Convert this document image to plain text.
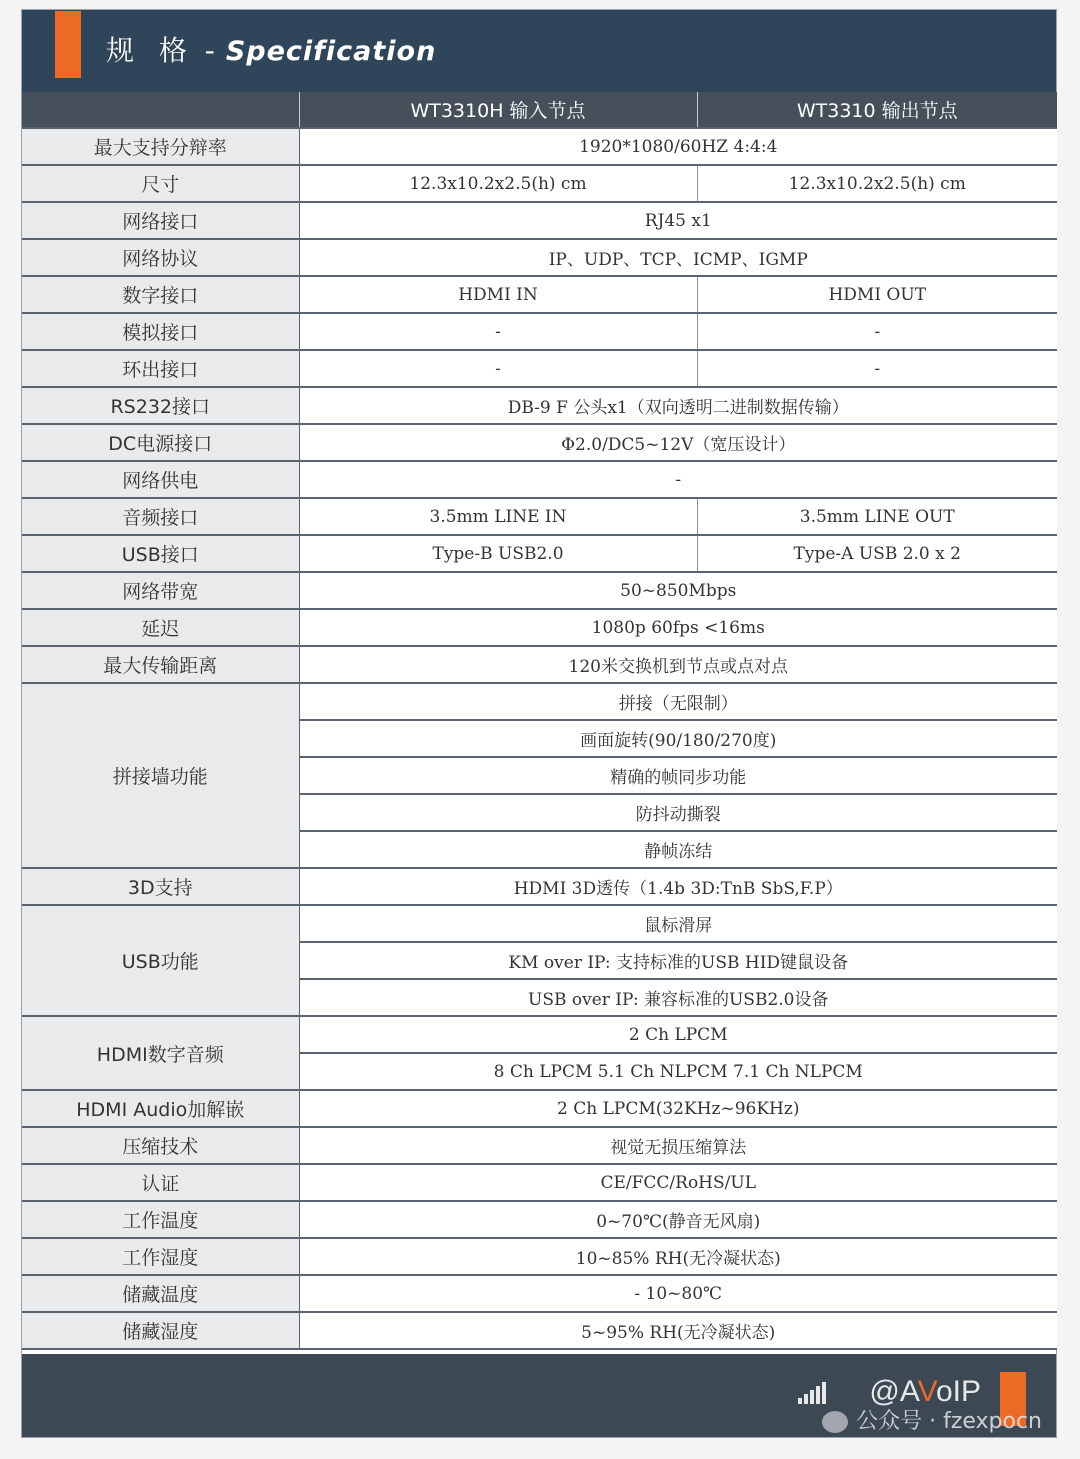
规 格 - Specification
	WT3310H 输入节点	WT3310 输出节点
最大支持分辩率	1920*1080/60HZ 4:4:4	
尺寸	12.3x10.2x2.5(h) cm	12.3x10.2x2.5(h) cm
网络接口	RJ45 x1	
网络协议	IP、UDP、TCP、ICMP、IGMP	
数字接口	HDMI IN	HDMI OUT
模拟接口	-	-
环出接口	-	-
RS232接口	DB-9 F 公头x1（双向透明二进制数据传输）	
DC电源接口	Φ2.0/DC5~12V（宽压设计）	
网络供电	-	
音频接口	3.5mm LINE IN	3.5mm LINE OUT
USB接口	Type-B USB2.0	Type-A USB 2.0 x 2
网络带宽	50~850Mbps	
延迟	1080p 60fps <16ms	
最大传输距离	120米交换机到节点或点对点	
拼接墙功能	拼接（无限制）	
	画面旋转(90/180/270度)	
	精确的帧同步功能	
	防抖动撕裂	
	静帧冻结	
3D支持	HDMI 3D透传（1.4b 3D:TnB SbS,F.P）	
USB功能	鼠标滑屏	
	KM over IP: 支持标准的USB HID键鼠设备	
	USB over IP: 兼容标准的USB2.0设备	
HDMI数字音频	2 Ch LPCM	
	8 Ch LPCM 5.1 Ch NLPCM 7.1 Ch NLPCM	
HDMI Audio加解嵌	2 Ch LPCM(32KHz~96KHz)	
压缩技术	视觉无损压缩算法	
认证	CE/FCC/RoHS/UL	
工作温度	0~70℃(静音无风扇)	
工作湿度	10~85% RH(无冷凝状态)	
储藏温度	- 10~80℃	
储藏湿度	5~95% RH(无冷凝状态)	
@AVoIP
公众号 · fzexpocn
